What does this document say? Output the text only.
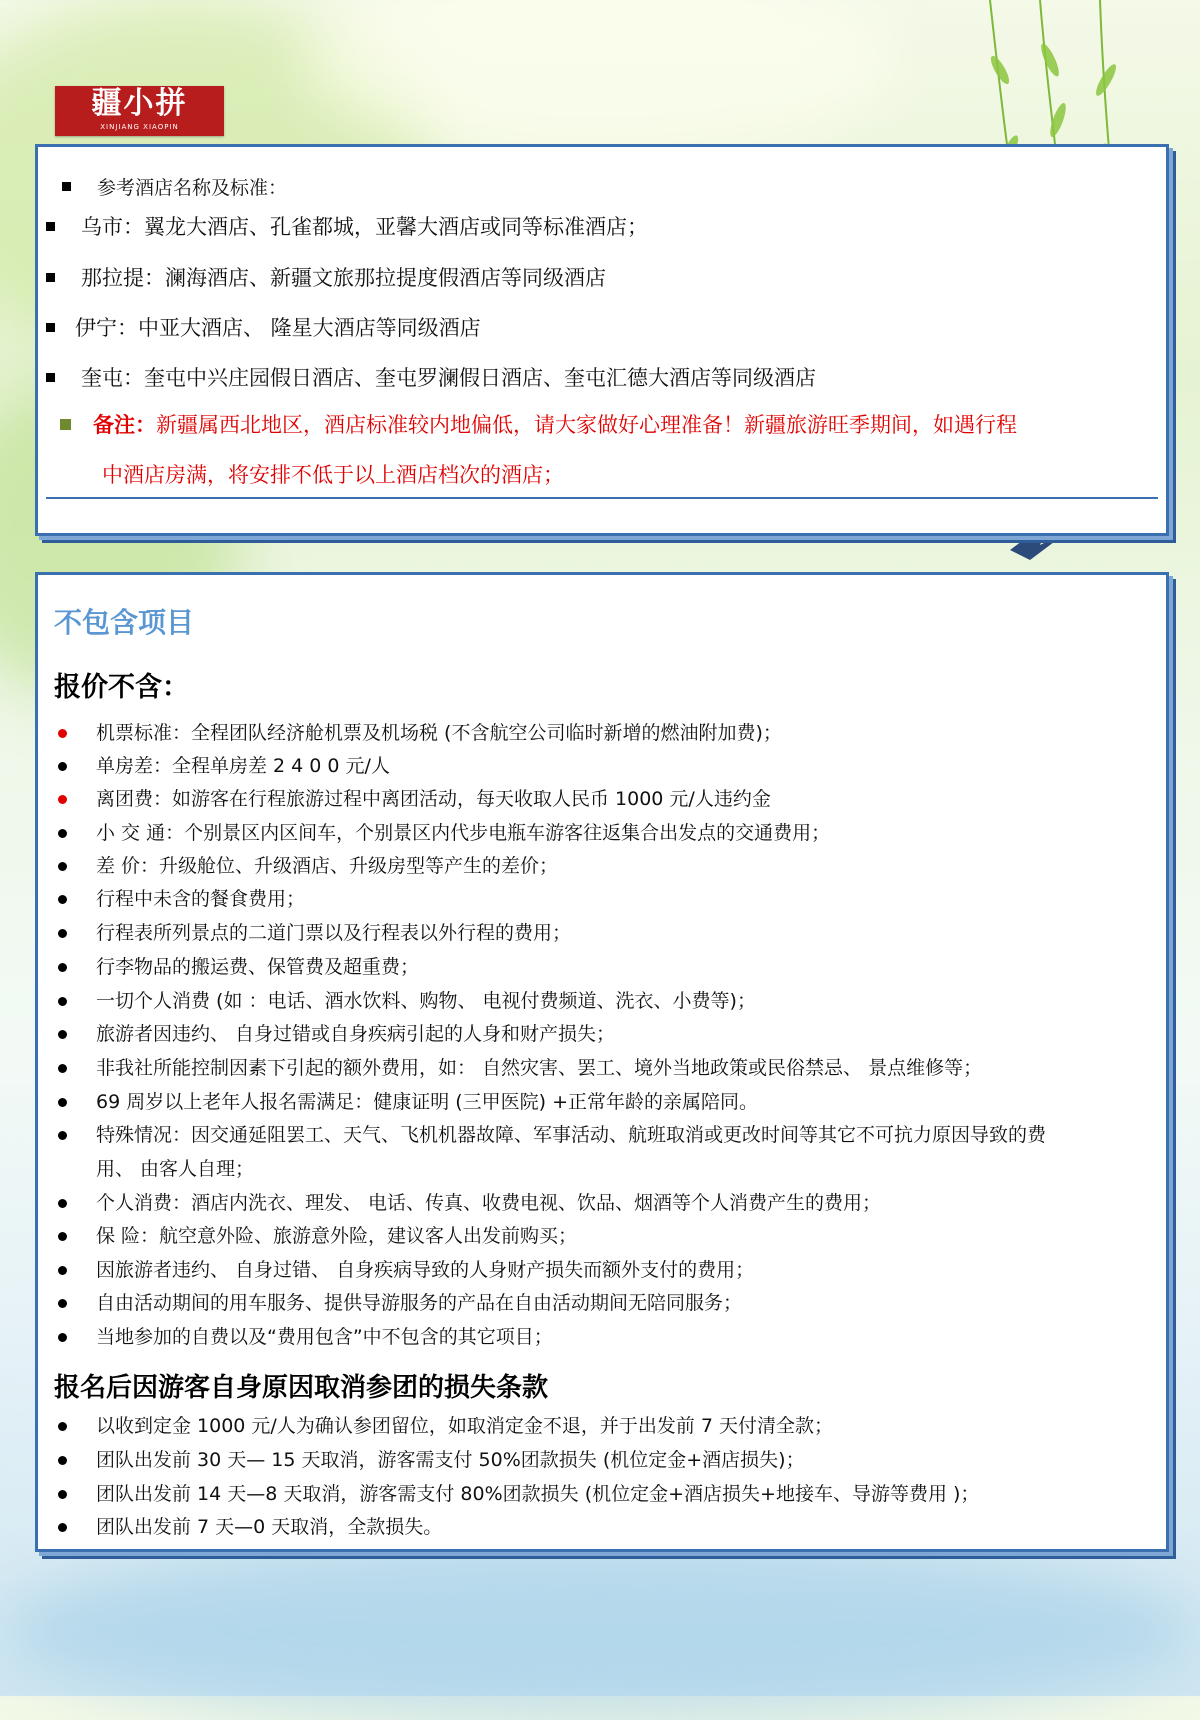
疆小拼
XINJIANG XIAOPIN
参考酒店名称及标准：
乌市：翼龙大酒店、孔雀都城，亚馨大酒店或同等标准酒店；
那拉提：澜海酒店、新疆文旅那拉提度假酒店等同级酒店
伊宁：中亚大酒店、 隆星大酒店等同级酒店
奎屯：奎屯中兴庄园假日酒店、奎屯罗澜假日酒店、奎屯汇德大酒店等同级酒店
备注：新疆属西北地区，酒店标准较内地偏低，请大家做好心理准备！新疆旅游旺季期间，如遇行程
中酒店房满，将安排不低于以上酒店档次的酒店；
不包含项目
报价不含：
机票标准：全程团队经济舱机票及机场税 (不含航空公司临时新增的燃油附加费)；
单房差：全程单房差 2 4 0 0 元/人
离团费：如游客在行程旅游过程中离团活动，每天收取人民币 1000 元/人违约金
小 交 通：个别景区内区间车，个别景区内代步电瓶车游客往返集合出发点的交通费用；
差 价：升级舱位、升级酒店、升级房型等产生的差价；
行程中未含的餐食费用；
行程表所列景点的二道门票以及行程表以外行程的费用；
行李物品的搬运费、保管费及超重费；
一切个人消费 (如 ：电话、酒水饮料、购物、 电视付费频道、洗衣、小费等)；
旅游者因违约、 自身过错或自身疾病引起的人身和财产损失；
非我社所能控制因素下引起的额外费用，如： 自然灾害、罢工、境外当地政策或民俗禁忌、 景点维修等；
69 周岁以上老年人报名需满足：健康证明 (三甲医院) +正常年龄的亲属陪同。
特殊情况：因交通延阻罢工、天气、飞机机器故障、军事活动、航班取消或更改时间等其它不可抗力原因导致的费
用、 由客人自理；
个人消费：酒店内洗衣、理发、 电话、传真、收费电视、饮品、烟酒等个人消费产生的费用；
保 险：航空意外险、旅游意外险，建议客人出发前购买；
因旅游者违约、 自身过错、 自身疾病导致的人身财产损失而额外支付的费用；
自由活动期间的用车服务、提供导游服务的产品在自由活动期间无陪同服务；
当地参加的自费以及“费用包含”中不包含的其它项目；
报名后因游客自身原因取消参团的损失条款
以收到定金 1000 元/人为确认参团留位，如取消定金不退，并于出发前 7 天付清全款；
团队出发前 30 天— 15 天取消，游客需支付 50%团款损失 (机位定金+酒店损失)；
团队出发前 14 天—8 天取消，游客需支付 80%团款损失 (机位定金+酒店损失+地接车、导游等费用 )；
团队出发前 7 天—0 天取消，全款损失。
